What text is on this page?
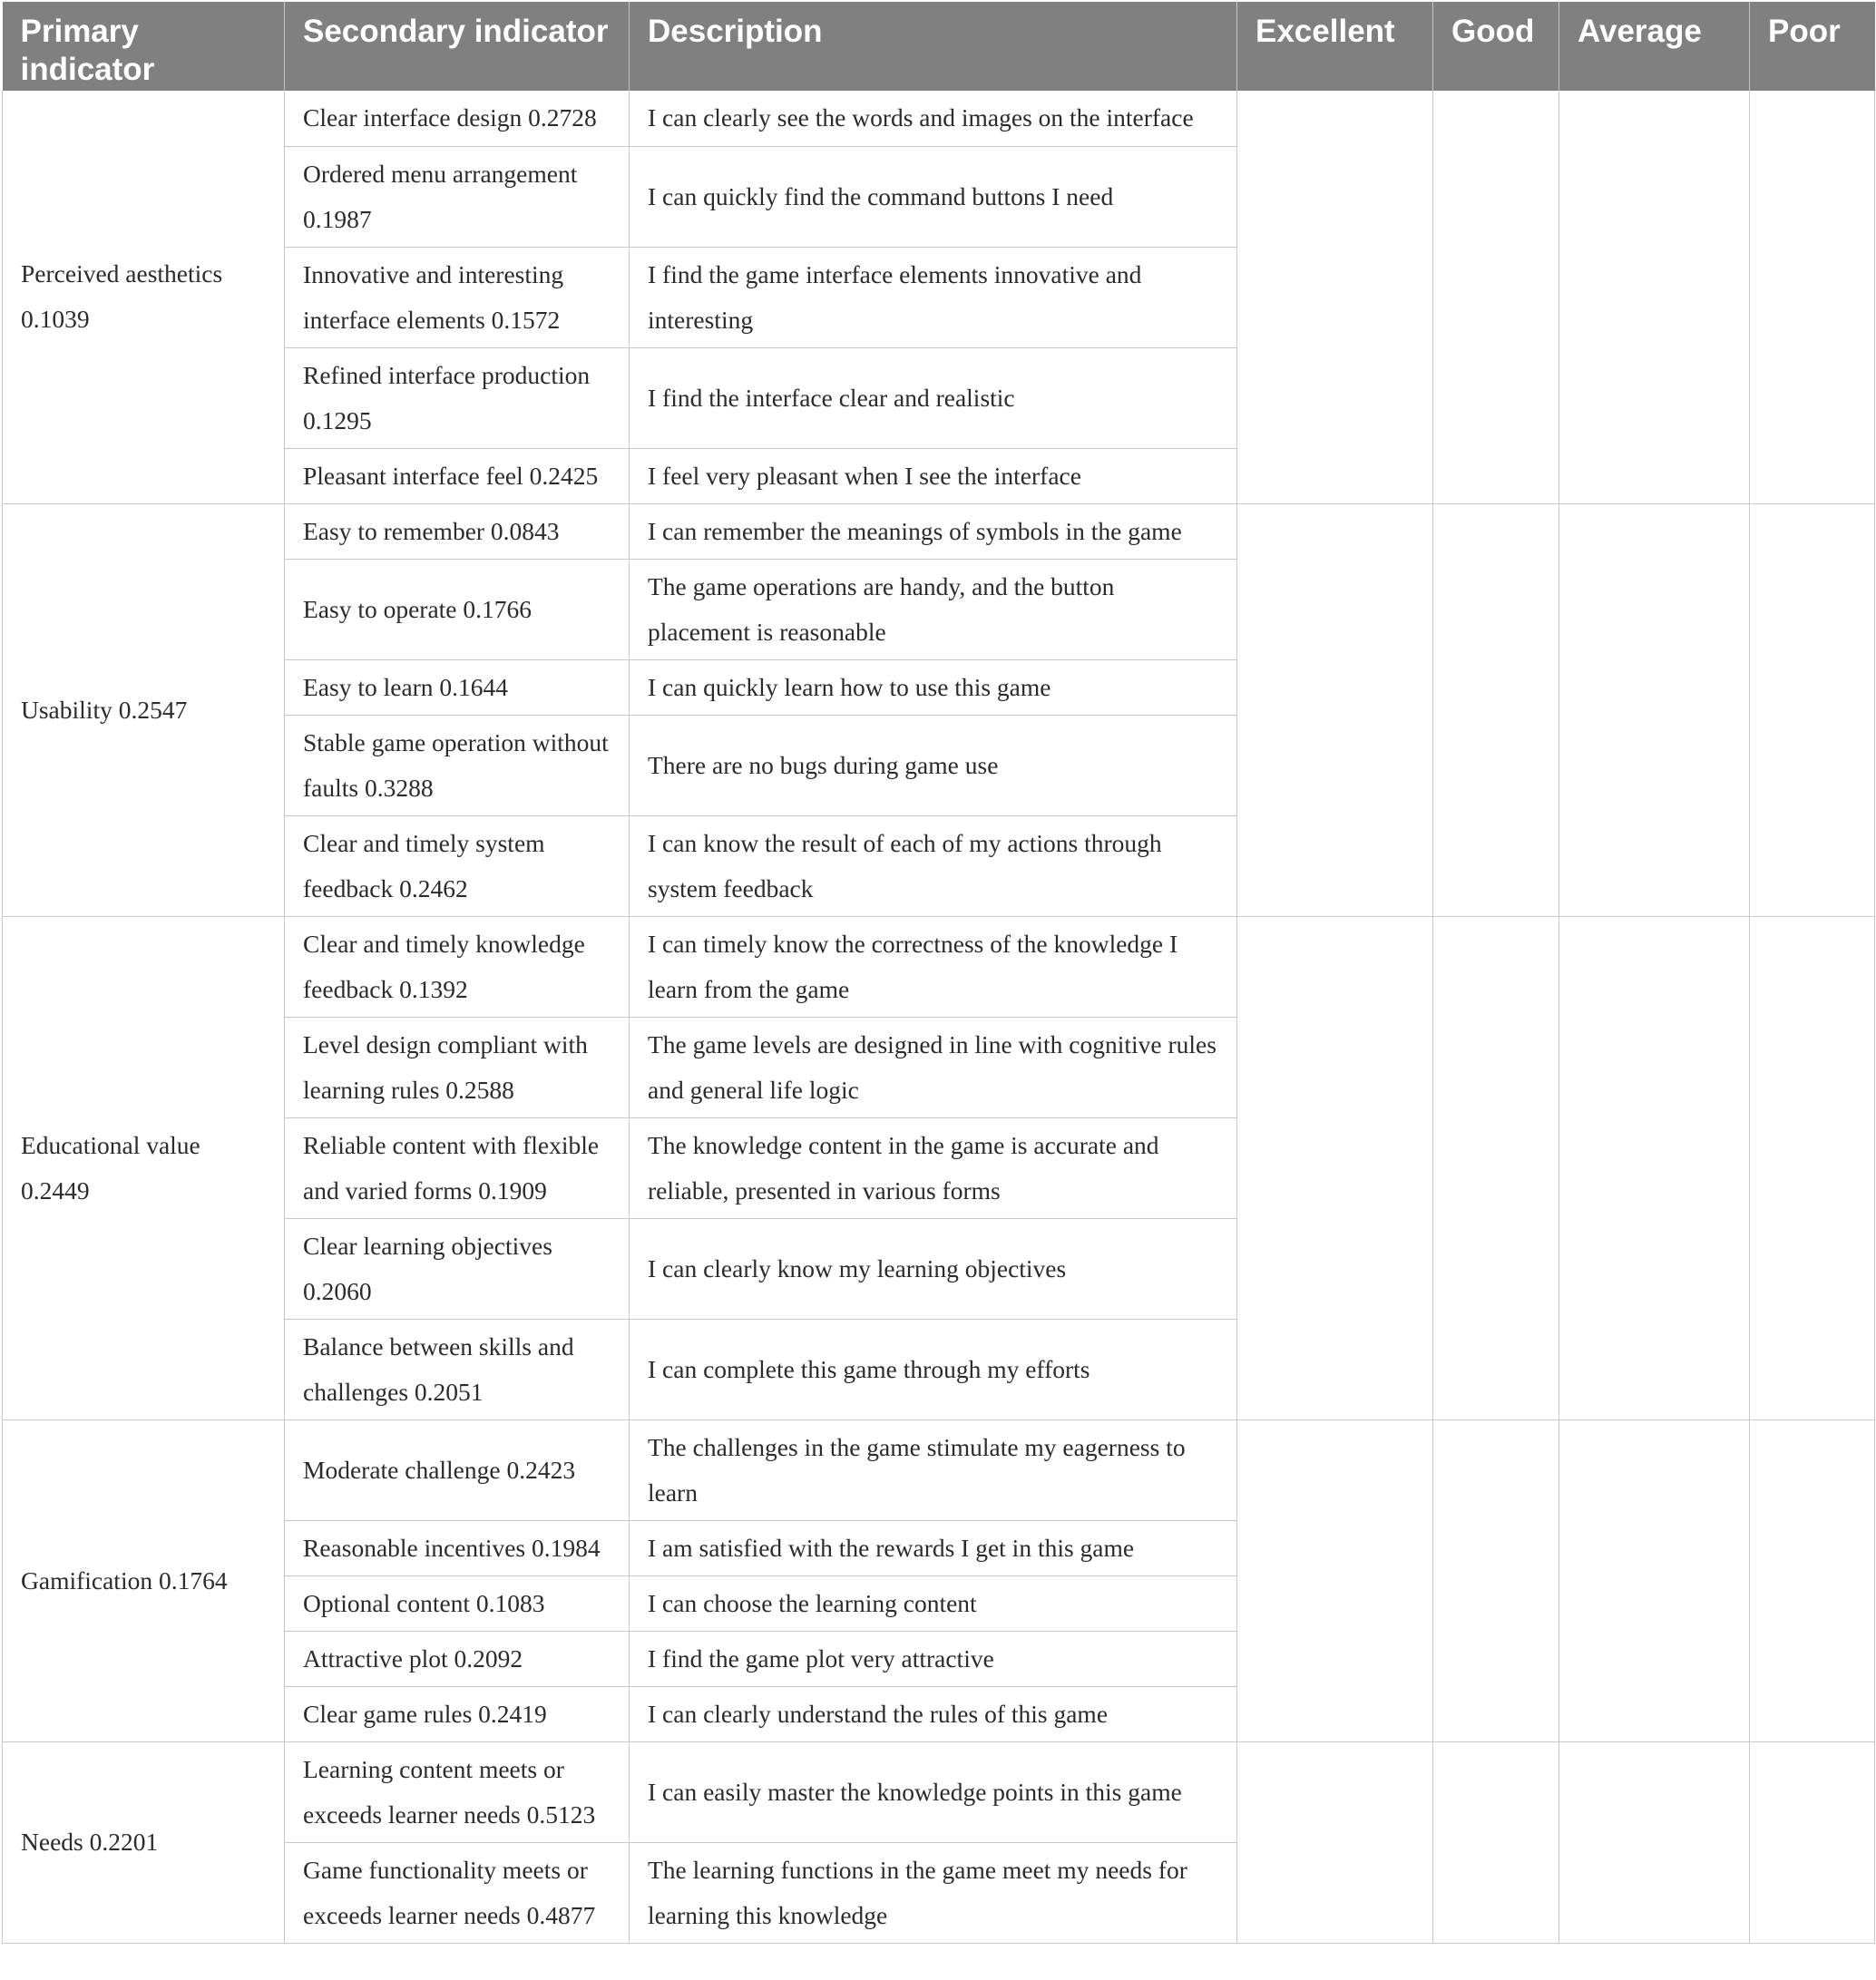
Primary indicator	Secondary indicator	Description	Excellent	Good	Average	Poor
Perceived aesthetics 0.1039	Clear interface design 0.2728	I can clearly see the words and images on the interface				
	Ordered menu arrangement 0.1987	I can quickly find the command buttons I need				
	Innovative and interesting interface elements 0.1572	I find the game interface elements innovative and interesting				
	Refined interface production 0.1295	I find the interface clear and realistic				
	Pleasant interface feel 0.2425	I feel very pleasant when I see the interface				
Usability 0.2547	Easy to remember 0.0843	I can remember the meanings of symbols in the game				
	Easy to operate 0.1766	The game operations are handy, and the button placement is reasonable				
	Easy to learn 0.1644	I can quickly learn how to use this game				
	Stable game operation without faults 0.3288	There are no bugs during game use				
	Clear and timely system feedback 0.2462	I can know the result of each of my actions through system feedback				
Educational value 0.2449	Clear and timely knowledge feedback 0.1392	I can timely know the correctness of the knowledge I learn from the game				
	Level design compliant with learning rules 0.2588	The game levels are designed in line with cognitive rules and general life logic				
	Reliable content with flexible and varied forms 0.1909	The knowledge content in the game is accurate and reliable, presented in various forms				
	Clear learning objectives 0.2060	I can clearly know my learning objectives				
	Balance between skills and challenges 0.2051	I can complete this game through my efforts				
Gamification 0.1764	Moderate challenge 0.2423	The challenges in the game stimulate my eagerness to learn				
	Reasonable incentives 0.1984	I am satisfied with the rewards I get in this game				
	Optional content 0.1083	I can choose the learning content				
	Attractive plot 0.2092	I find the game plot very attractive				
	Clear game rules 0.2419	I can clearly understand the rules of this game				
Needs 0.2201	Learning content meets or exceeds learner needs 0.5123	I can easily master the knowledge points in this game				
	Game functionality meets or exceeds learner needs 0.4877	The learning functions in the game meet my needs for learning this knowledge				
